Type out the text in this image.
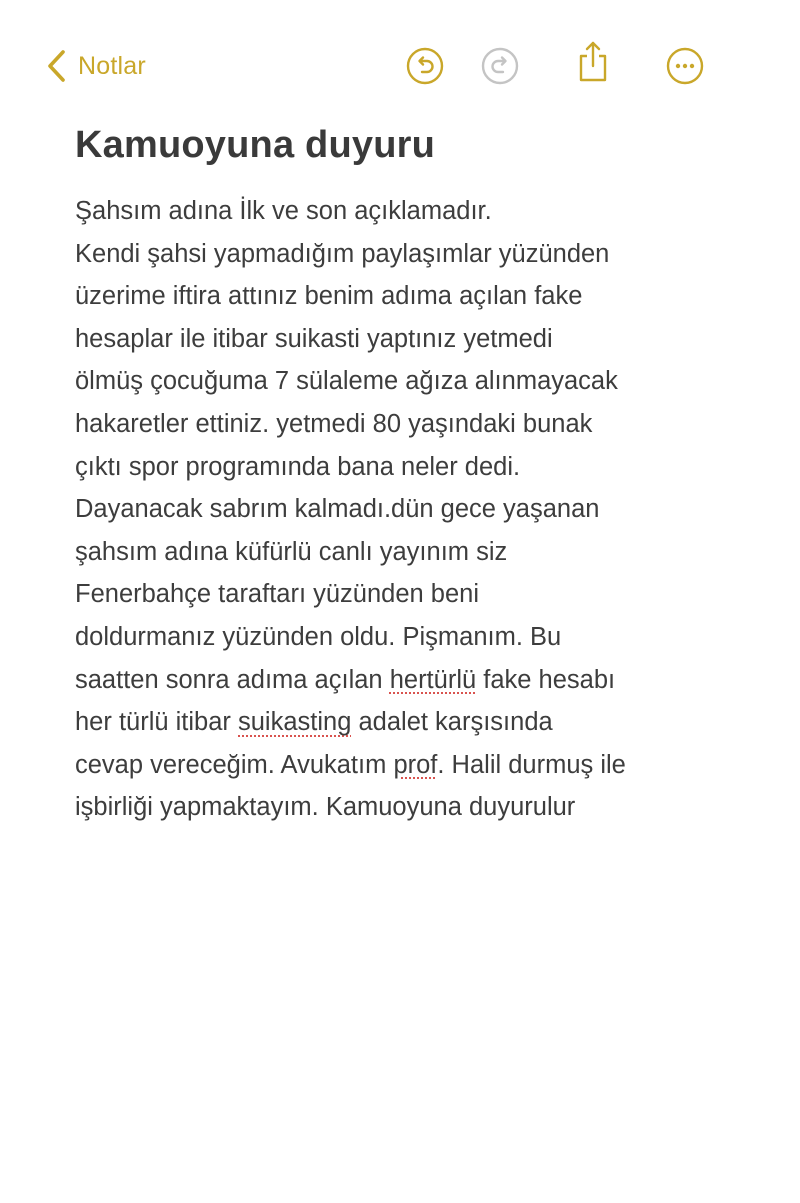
Notlar
Kamuoyuna duyuru
Şahsım adına İlk ve son açıklamadır.
Kendi şahsi yapmadığım paylaşımlar yüzünden
üzerime iftira attınız benim adıma açılan fake
hesaplar ile itibar suikasti yaptınız yetmedi
ölmüş çocuğuma 7 sülaleme ağıza alınmayacak
hakaretler ettiniz. yetmedi 80 yaşındaki bunak
çıktı spor programında bana neler dedi.
Dayanacak sabrım kalmadı.dün gece yaşanan
şahsım adına küfürlü canlı yayınım siz
Fenerbahçe taraftarı yüzünden beni
doldurmanız yüzünden oldu. Pişmanım. Bu
saatten sonra adıma açılan hertürlü fake hesabı
her türlü itibar suikasting adalet karşısında
cevap vereceğim. Avukatım prof. Halil durmuş ile
işbirliği yapmaktayım. Kamuoyuna duyurulur
